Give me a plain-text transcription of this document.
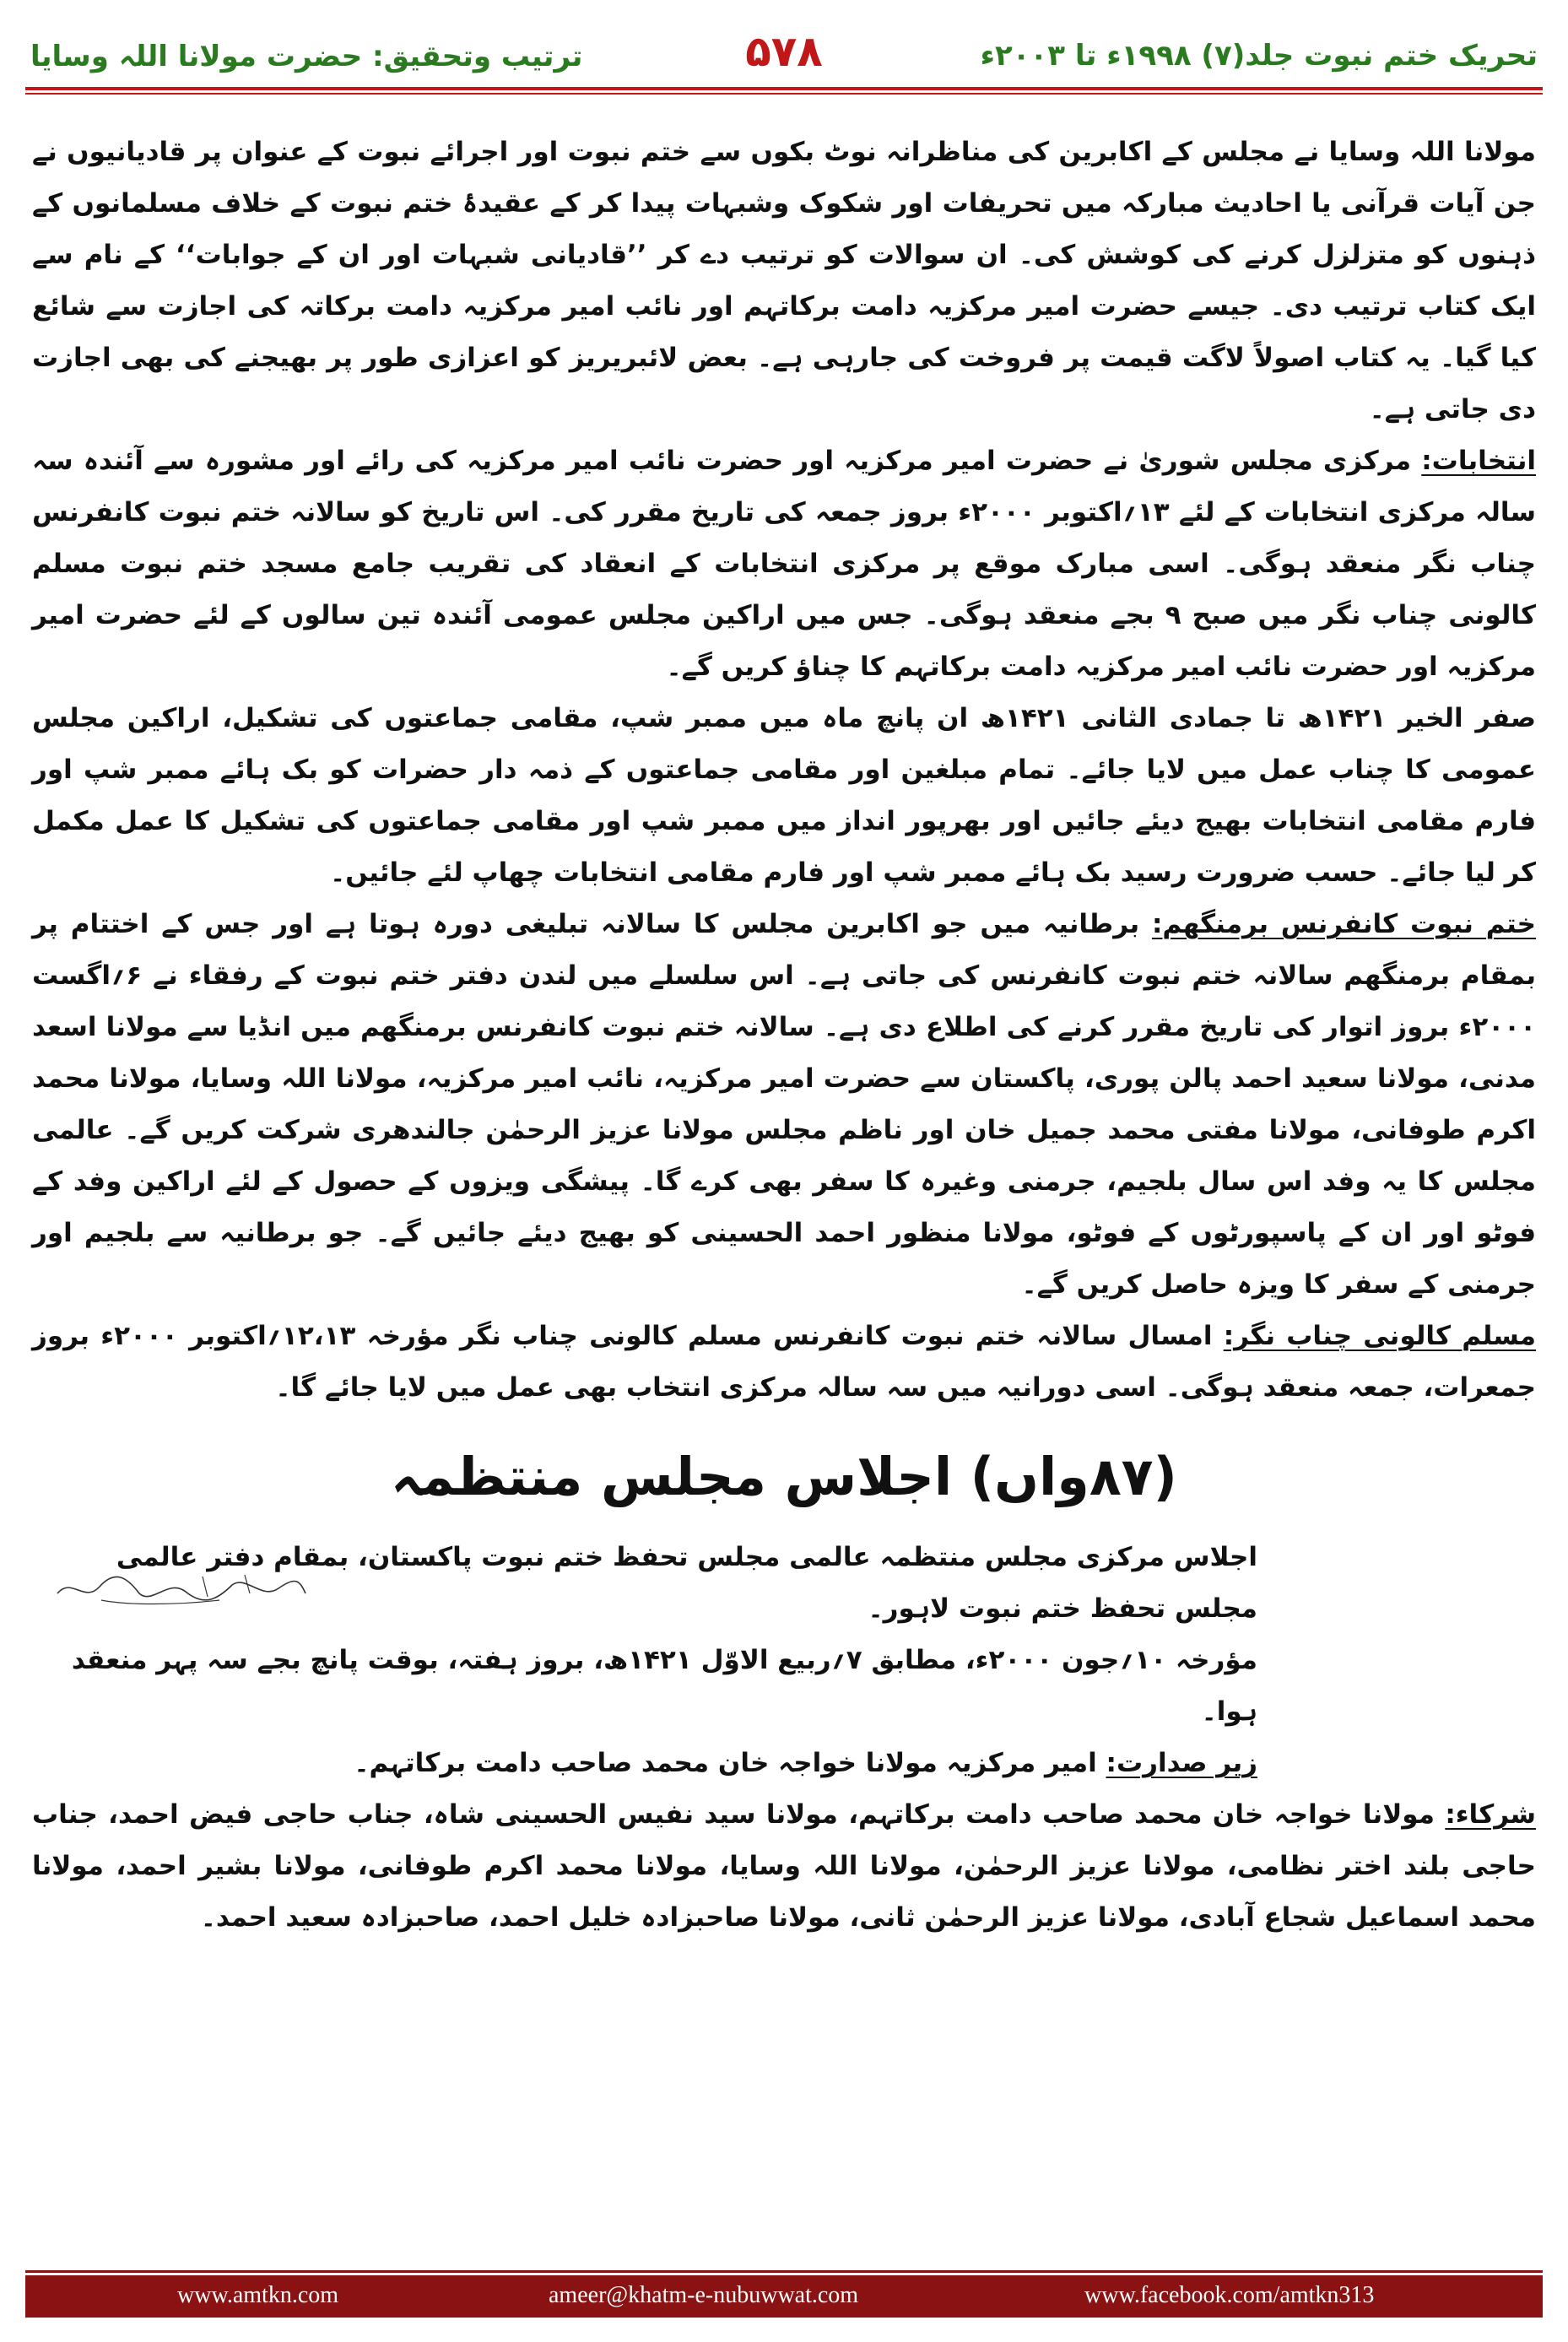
تحریک ختم نبوت جلد(۷) ۱۹۹۸ء تا ۲۰۰۳ء
۵۷۸
ترتیب وتحقیق: حضرت مولانا اللہ وسایا

مولانا اللہ وسایا نے مجلس کے اکابرین کی مناظرانہ نوٹ بکوں سے ختم نبوت اور اجرائے نبوت کے عنوان پر قادیانیوں نے جن آیات قرآنی یا احادیث مبارکہ میں تحریفات اور شکوک وشبہات پیدا کر کے عقیدۂ ختم نبوت کے خلاف مسلمانوں کے ذہنوں کو متزلزل کرنے کی کوشش کی۔ ان سوالات کو ترتیب دے کر ’’قادیانی شبہات اور ان کے جوابات‘‘ کے نام سے ایک کتاب ترتیب دی۔ جیسے حضرت امیر مرکزیہ دامت برکاتہم اور نائب امیر مرکزیہ دامت برکاتہ کی اجازت سے شائع کیا گیا۔ یہ کتاب اصولاً لاگت قیمت پر فروخت کی جارہی ہے۔ بعض لائبریریز کو اعزازی طور پر بھیجنے کی بھی اجازت دی جاتی ہے۔

انتخابات: مرکزی مجلس شوریٰ نے حضرت امیر مرکزیہ اور حضرت نائب امیر مرکزیہ کی رائے اور مشورہ سے آئندہ سہ سالہ مرکزی انتخابات کے لئے ۱۳؍اکتوبر ۲۰۰۰ء بروز جمعہ کی تاریخ مقرر کی۔ اس تاریخ کو سالانہ ختم نبوت کانفرنس چناب نگر منعقد ہوگی۔ اسی مبارک موقع پر مرکزی انتخابات کے انعقاد کی تقریب جامع مسجد ختم نبوت مسلم کالونی چناب نگر میں صبح ۹ بجے منعقد ہوگی۔ جس میں اراکین مجلس عمومی آئندہ تین سالوں کے لئے حضرت امیر مرکزیہ اور حضرت نائب امیر مرکزیہ دامت برکاتہم کا چناؤ کریں گے۔

صفر الخیر ۱۴۲۱ھ تا جمادی الثانی ۱۴۲۱ھ ان پانچ ماہ میں ممبر شپ، مقامی جماعتوں کی تشکیل، اراکین مجلس عمومی کا چناب عمل میں لایا جائے۔ تمام مبلغین اور مقامی جماعتوں کے ذمہ دار حضرات کو بک ہائے ممبر شپ اور فارم مقامی انتخابات بھیج دیئے جائیں اور بھرپور انداز میں ممبر شپ اور مقامی جماعتوں کی تشکیل کا عمل مکمل کر لیا جائے۔ حسب ضرورت رسید بک ہائے ممبر شپ اور فارم مقامی انتخابات چھاپ لئے جائیں۔

ختم نبوت کانفرنس برمنگھم: برطانیہ میں جو اکابرین مجلس کا سالانہ تبلیغی دورہ ہوتا ہے اور جس کے اختتام پر بمقام برمنگھم سالانہ ختم نبوت کانفرنس کی جاتی ہے۔ اس سلسلے میں لندن دفتر ختم نبوت کے رفقاء نے ۶؍اگست ۲۰۰۰ء بروز اتوار کی تاریخ مقرر کرنے کی اطلاع دی ہے۔ سالانہ ختم نبوت کانفرنس برمنگھم میں انڈیا سے مولانا اسعد مدنی، مولانا سعید احمد پالن پوری، پاکستان سے حضرت امیر مرکزیہ، نائب امیر مرکزیہ، مولانا اللہ وسایا، مولانا محمد اکرم طوفانی، مولانا مفتی محمد جمیل خان اور ناظم مجلس مولانا عزیز الرحمٰن جالندھری شرکت کریں گے۔ عالمی مجلس کا یہ وفد اس سال بلجیم، جرمنی وغیرہ کا سفر بھی کرے گا۔ پیشگی ویزوں کے حصول کے لئے اراکین وفد کے فوٹو اور ان کے پاسپورٹوں کے فوٹو، مولانا منظور احمد الحسینی کو بھیج دیئے جائیں گے۔ جو برطانیہ سے بلجیم اور جرمنی کے سفر کا ویزہ حاصل کریں گے۔

مسلم کالونی چناب نگر: امسال سالانہ ختم نبوت کانفرنس مسلم کالونی چناب نگر مؤرخہ ۱۲،۱۳؍اکتوبر ۲۰۰۰ء بروز جمعرات، جمعہ منعقد ہوگی۔ اسی دورانیہ میں سہ سالہ مرکزی انتخاب بھی عمل میں لایا جائے گا۔

(۸۷واں) اجلاس مجلس منتظمہ

اجلاس مرکزی مجلس منتظمہ عالمی مجلس تحفظ ختم نبوت پاکستان، بمقام دفتر عالمی مجلس تحفظ ختم نبوت لاہور۔

مؤرخہ ۱۰؍جون ۲۰۰۰ء، مطابق ۷؍ربیع الاوّل ۱۴۲۱ھ، بروز ہفتہ، بوقت پانچ بجے سہ پہر منعقد ہوا۔

زیر صدارت: امیر مرکزیہ مولانا خواجہ خان محمد صاحب دامت برکاتہم۔

شرکاء: مولانا خواجہ خان محمد صاحب دامت برکاتہم، مولانا سید نفیس الحسینی شاہ، جناب حاجی فیض احمد، جناب حاجی بلند اختر نظامی، مولانا عزیز الرحمٰن، مولانا اللہ وسایا، مولانا محمد اکرم طوفانی، مولانا بشیر احمد، مولانا محمد اسماعیل شجاع آبادی، مولانا عزیز الرحمٰن ثانی، مولانا صاحبزادہ خلیل احمد، صاحبزادہ سعید احمد۔

www.amtkn.com	ameer@khatm-e-nubuwwat.com	www.facebook.com/amtkn313
